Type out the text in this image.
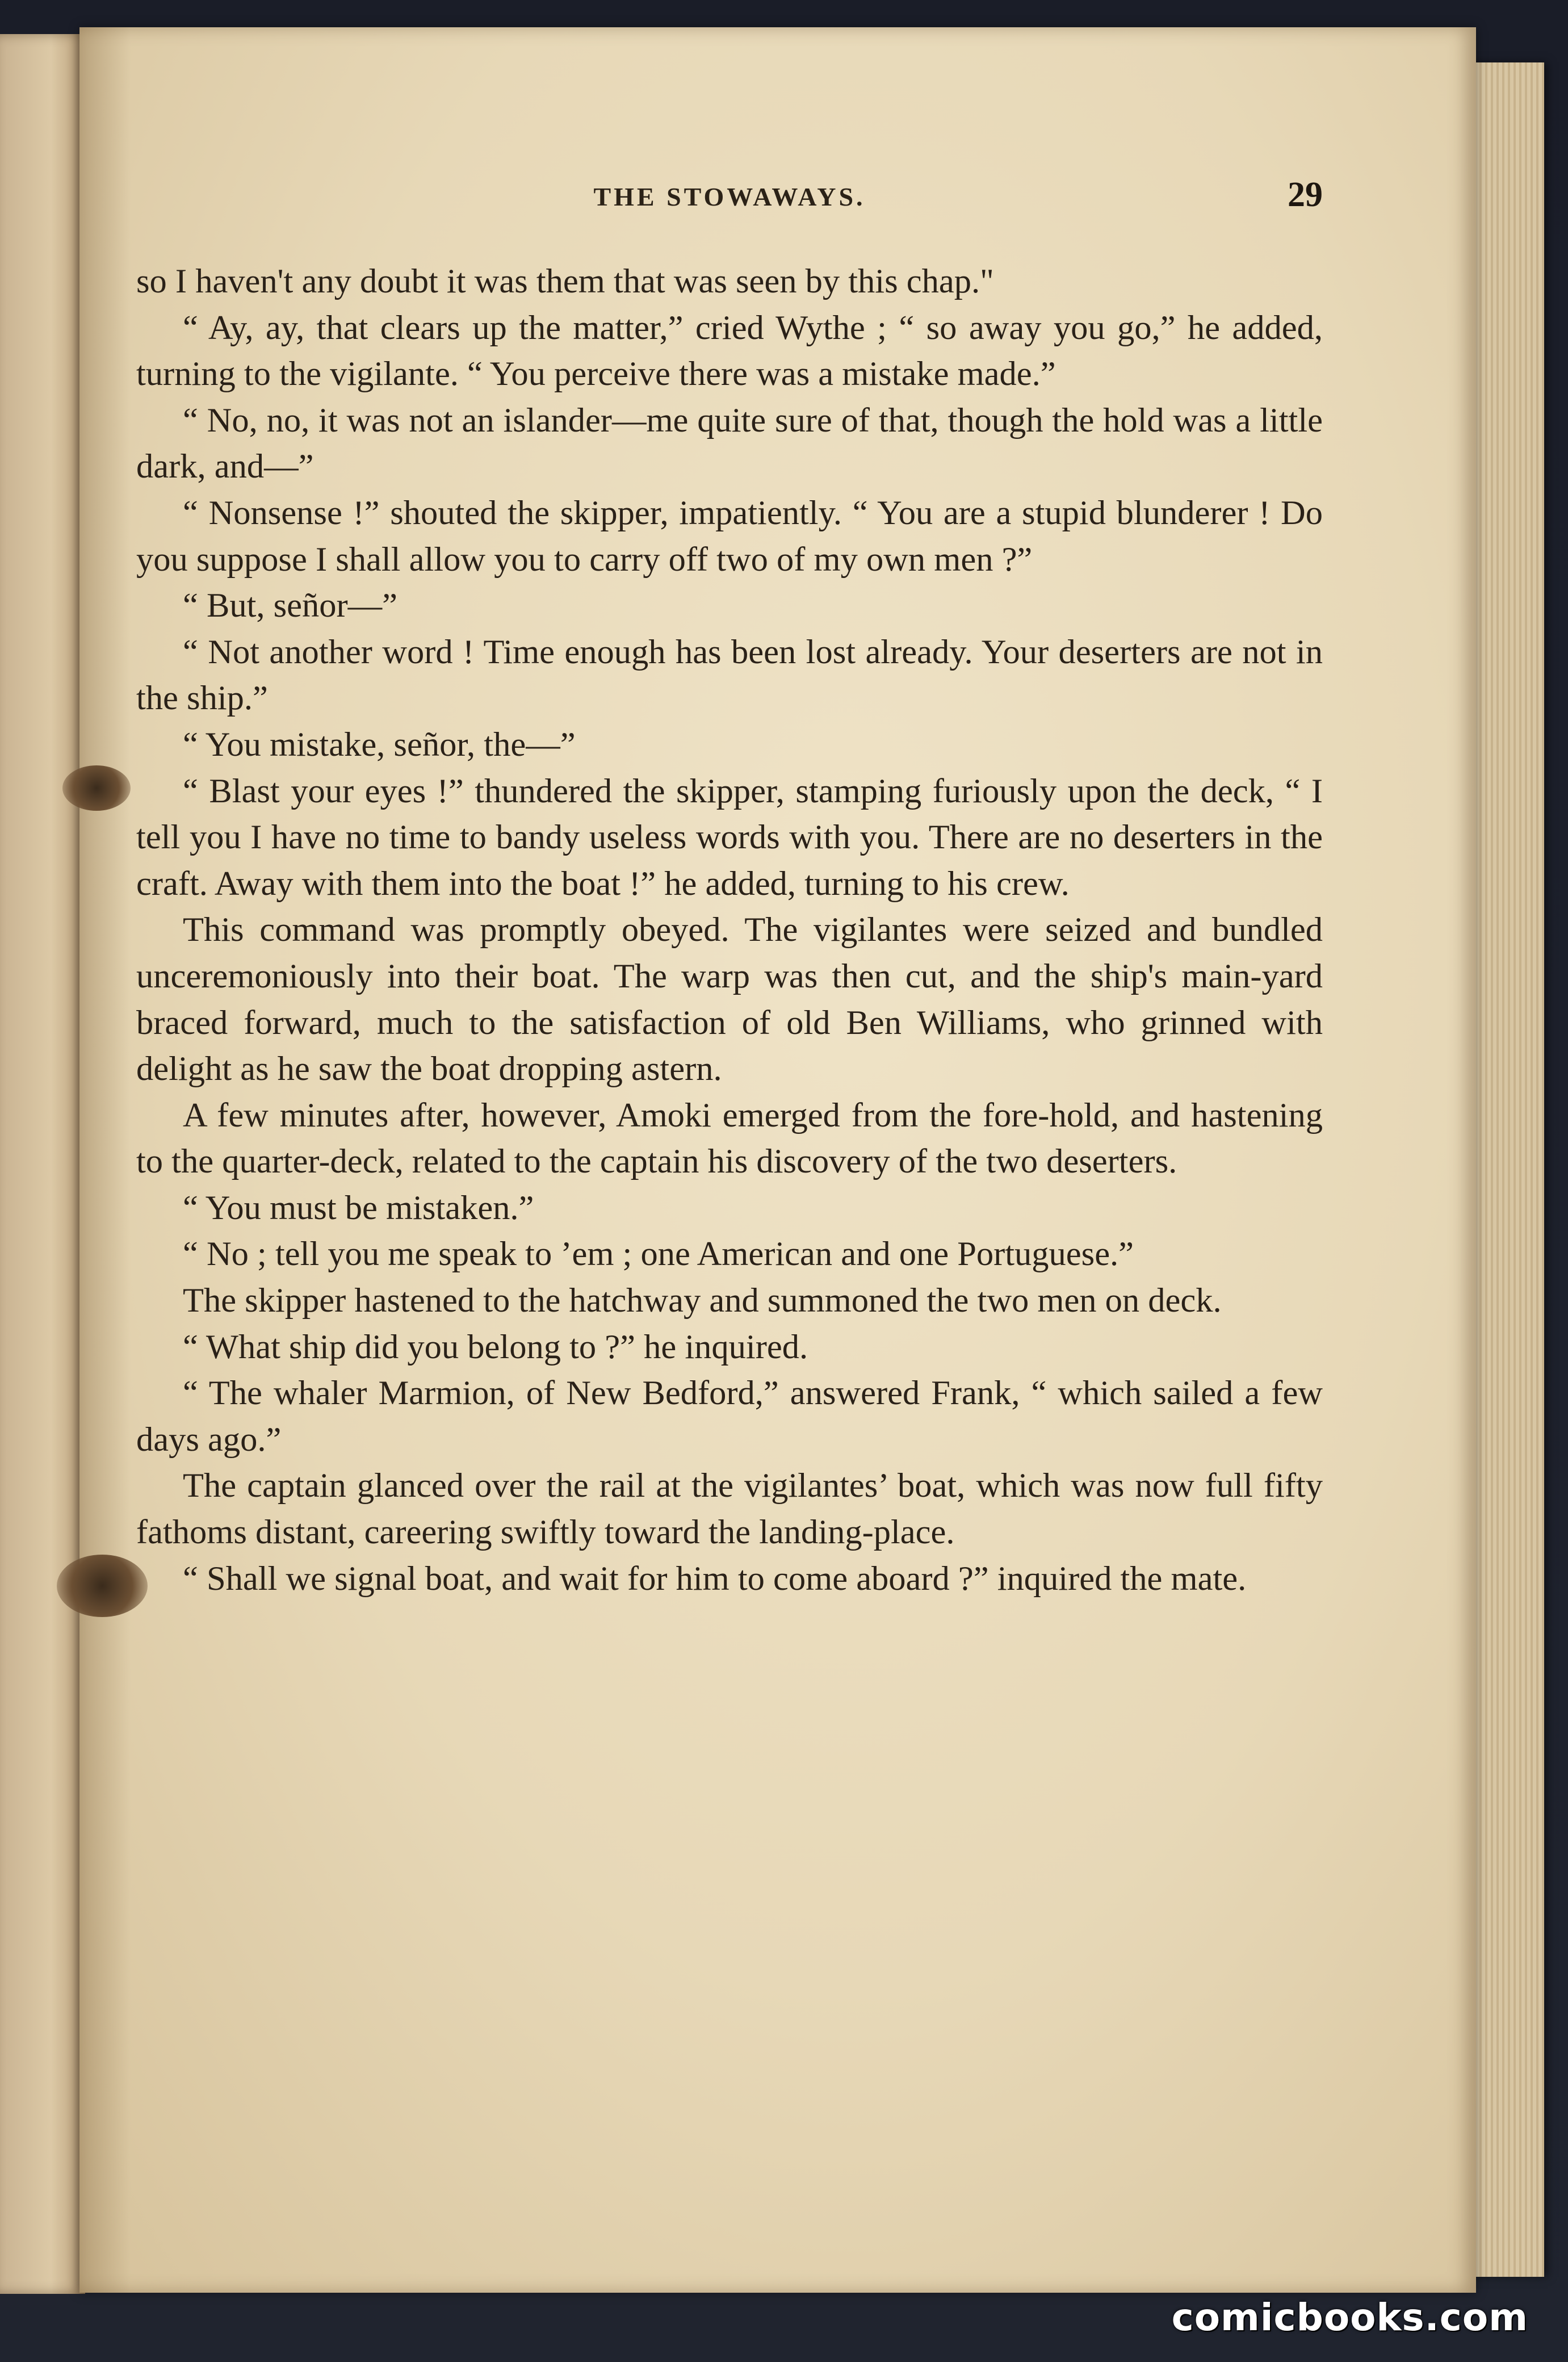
THE STOWAWAYS.	29

so I haven't any doubt it was them that was seen by this chap."

“ Ay, ay, that clears up the matter,” cried Wythe ; “ so away you go,” he added, turning to the vigilante. “ You perceive there was a mistake made.”

“ No, no, it was not an islander—me quite sure of that, though the hold was a little dark, and—”

“ Nonsense !” shouted the skipper, impatiently. “ You are a stupid blunderer ! Do you suppose I shall allow you to carry off two of my own men ?”

“ But, señor—”

“ Not another word ! Time enough has been lost already. Your deserters are not in the ship.”

“ You mistake, señor, the—”

“ Blast your eyes !” thundered the skipper, stamping furiously upon the deck, “ I tell you I have no time to bandy useless words with you. There are no deserters in the craft. Away with them into the boat !” he added, turning to his crew.

This command was promptly obeyed. The vigilantes were seized and bundled unceremoniously into their boat. The warp was then cut, and the ship's main-yard braced forward, much to the satisfaction of old Ben Williams, who grinned with delight as he saw the boat dropping astern.

A few minutes after, however, Amoki emerged from the fore-hold, and hastening to the quarter-deck, related to the captain his discovery of the two deserters.

“ You must be mistaken.”

“ No ; tell you me speak to ’em ; one American and one Portuguese.”

The skipper hastened to the hatchway and summoned the two men on deck.

“ What ship did you belong to ?” he inquired.

“ The whaler Marmion, of New Bedford,” answered Frank, “ which sailed a few days ago.”

The captain glanced over the rail at the vigilantes’ boat, which was now full fifty fathoms distant, careering swiftly toward the landing-place.

“ Shall we signal boat, and wait for him to come aboard ?” inquired the mate.

comicbooks.com
